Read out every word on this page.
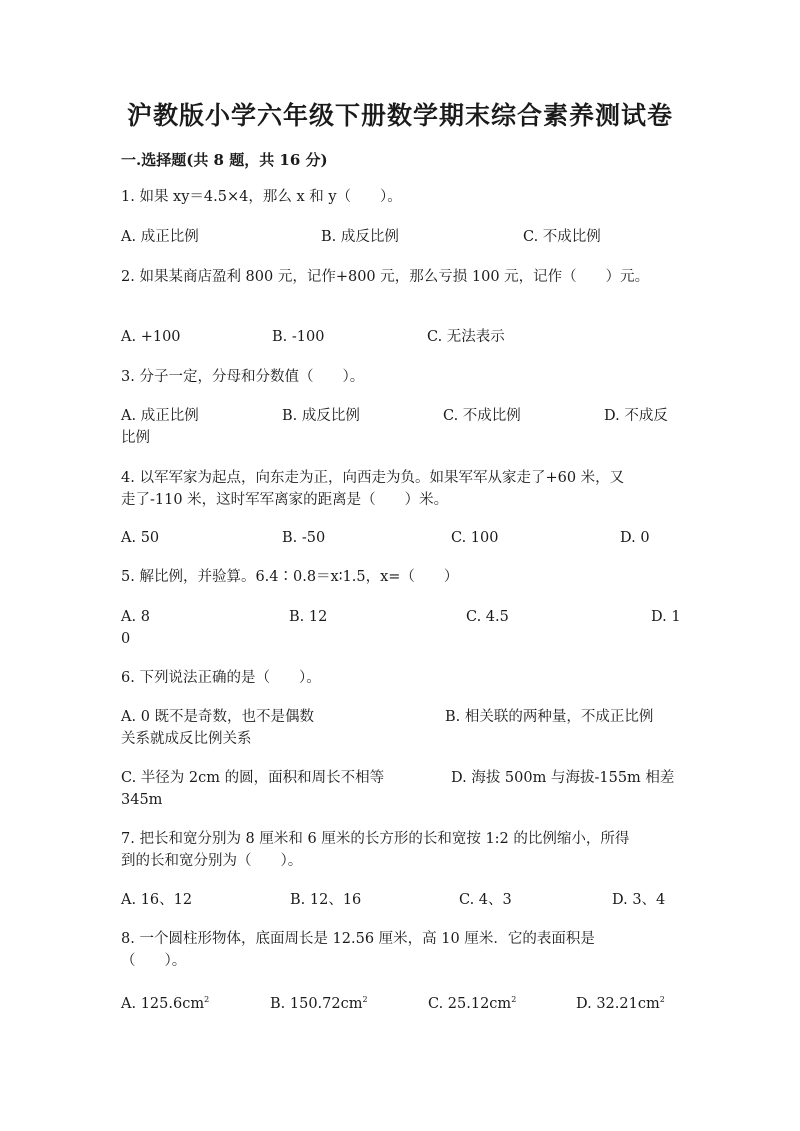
沪教版小学六年级下册数学期末综合素养测试卷
一.选择题(共 8 题，共 16 分)
1. 如果 xy＝4.5×4，那么 x 和 y（　　）。
A. 成正比例	B. 成反比例	C. 不成比例
2. 如果某商店盈利 800 元，记作+800 元，那么亏损 100 元，记作（　　）元。
A. +100	B. -100	C. 无法表示
3. 分子一定，分母和分数值（　　）。
A. 成正比例	B. 成反比例	C. 不成比例	D. 不成反
比例
4. 以军军家为起点，向东走为正，向西走为负。如果军军从家走了+60 米，又
走了-110 米，这时军军离家的距离是（　　）米。
A. 50	B. -50	C. 100	D. 0
5. 解比例，并验算。6.4∶0.8＝x∶1.5，x=（　　）
A. 8	B. 12	C. 4.5	D. 1
0
6. 下列说法正确的是（　　）。
A. 0 既不是奇数，也不是偶数	B. 相关联的两种量，不成正比例
关系就成反比例关系
C. 半径为 2cm 的圆，面积和周长不相等	D. 海拔 500m 与海拔-155m 相差
345m
7. 把长和宽分别为 8 厘米和 6 厘米的长方形的长和宽按 1:2 的比例缩小，所得
到的长和宽分别为（　　）。
A. 16、12	B. 12、16	C. 4、3	D. 3、4
8. 一个圆柱形物体，底面周长是 12.56 厘米，高 10 厘米．它的表面积是
（　　）。
A. $125.6cm^2$	B. $150.72cm^2$	C. $25.12cm^2$	D. $32.21cm^2$
